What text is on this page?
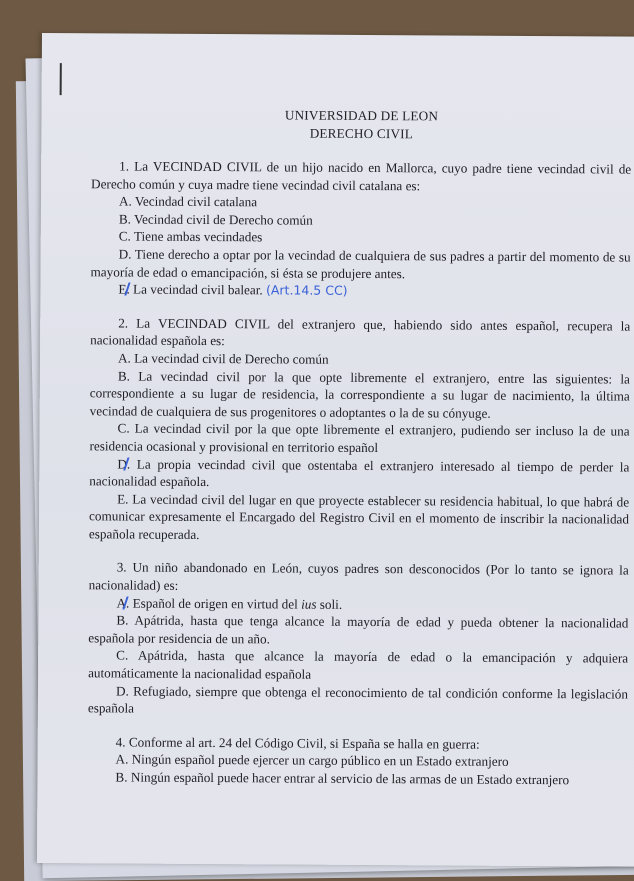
UNIVERSIDAD DE LEON
DERECHO CIVIL
1. La VECINDAD CIVIL de un hijo nacido en Mallorca, cuyo padre tiene vecindad civil de Derecho común y cuya madre tiene vecindad civil catalana es:
A. Vecindad civil catalana
B. Vecindad civil de Derecho común
C. Tiene ambas vecindades
D. Tiene derecho a optar por la vecindad de cualquiera de sus padres a partir del momento de su mayoría de edad o emancipación, si ésta se produjere antes.
E. La vecindad civil balear. (Art.14.5 CC)
2. La VECINDAD CIVIL del extranjero que, habiendo sido antes español, recupera la nacionalidad española es:
A. La vecindad civil de Derecho común
B. La vecindad civil por la que opte libremente el extranjero, entre las siguientes: la correspondiente a su lugar de residencia, la correspondiente a su lugar de nacimiento, la última vecindad de cualquiera de sus progenitores o adoptantes o la de su cónyuge.
C. La vecindad civil por la que opte libremente el extranjero, pudiendo ser incluso la de una residencia ocasional y provisional en territorio español
D. La propia vecindad civil que ostentaba el extranjero interesado al tiempo de perder la nacionalidad española.
E. La vecindad civil del lugar en que proyecte establecer su residencia habitual, lo que habrá de comunicar expresamente el Encargado del Registro Civil en el momento de inscribir la nacionalidad española recuperada.
3. Un niño abandonado en León, cuyos padres son desconocidos (Por lo tanto se ignora la nacionalidad) es:
A. Español de origen en virtud del ius soli.
B. Apátrida, hasta que tenga alcance la mayoría de edad y pueda obtener la nacionalidad española por residencia de un año.
C. Apátrida, hasta que alcance la mayoría de edad o la emancipación y adquiera automáticamente la nacionalidad española
D. Refugiado, siempre que obtenga el reconocimiento de tal condición conforme la legislación española
4. Conforme al art. 24 del Código Civil, si España se halla en guerra:
A. Ningún español puede ejercer un cargo público en un Estado extranjero
B. Ningún español puede hacer entrar al servicio de las armas de un Estado extranjero
